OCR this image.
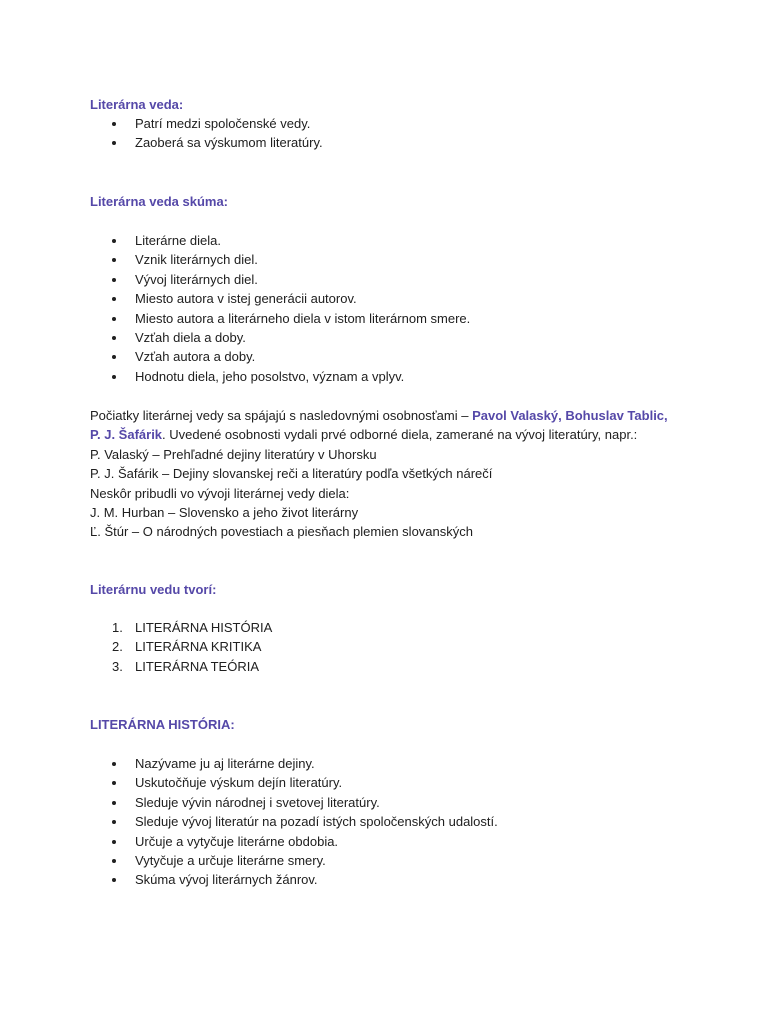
Literárna veda:
Patrí medzi spoločenské vedy.
Zaoberá sa výskumom literatúry.
Literárna veda skúma:
Literárne diela.
Vznik literárnych diel.
Vývoj literárnych diel.
Miesto autora v istej generácii autorov.
Miesto autora a literárneho diela v istom literárnom smere.
Vzťah diela a doby.
Vzťah autora a doby.
Hodnotu diela, jeho posolstvo, význam a vplyv.
Počiatky literárnej vedy sa spájajú s nasledovnými osobnosťami – Pavol Valaský, Bohuslav Tablic,
P. J. Šafárik. Uvedené osobnosti vydali prvé odborné diela, zamerané na vývoj literatúry, napr.:
P. Valaský – Prehľadné dejiny literatúry v Uhorsku
P. J. Šafárik – Dejiny slovanskej reči a literatúry podľa všetkých nárečí
Neskôr pribudli vo vývoji literárnej vedy diela:
J. M. Hurban – Slovensko a jeho život literárny
Ľ. Štúr – O národných povestiach a piesňach plemien slovanských
Literárnu vedu tvorí:
1. LITERÁRNA HISTÓRIA
2. LITERÁRNA KRITIKA
3. LITERÁRNA TEÓRIA
LITERÁRNA HISTÓRIA:
Nazývame ju aj literárne dejiny.
Uskutočňuje výskum dejín literatúry.
Sleduje vývin národnej i svetovej literatúry.
Sleduje vývoj literatúr na pozadí istých spoločenských udalostí.
Určuje a vytyčuje literárne obdobia.
Vytyčuje a určuje literárne smery.
Skúma vývoj literárnych žánrov.
